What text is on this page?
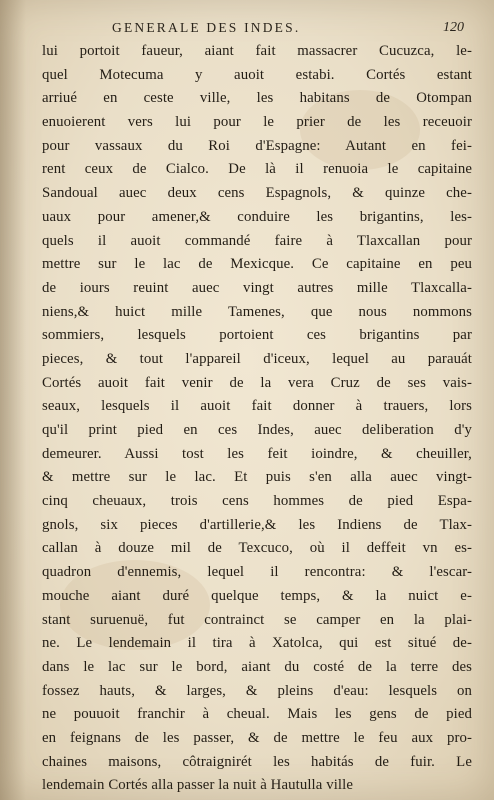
GENERALE DES INDES.	120
lui portoit faueur, aiant fait massacrer Cucuzca, le-
quel Motecuma y auoit estabi. Cortés estant
arriué en ceste ville, les habitans de Otompan
enuoierent vers lui pour le prier de les receuoir
pour vassaux du Roi d'Espagne: Autant en fei-
rent ceux de Cialco. De là il renuoia le capitaine
Sandoual auec deux cens Espagnols, & quinze che-
uaux pour amener,& conduire les brigantins, les-
quels il auoit commandé faire à Tlaxcallan pour
mettre sur le lac de Mexicque. Ce capitaine en peu
de iours reuint auec vingt autres mille Tlaxcalla-
niens,& huict mille Tamenes, que nous nommons
sommiers, lesquels portoient ces brigantins par
pieces, & tout l'appareil d'iceux, lequel au parauát
Cortés auoit fait venir de la vera Cruz de ses vais-
seaux, lesquels il auoit fait donner à trauers, lors
qu'il print pied en ces Indes, auec deliberation d'y
demeurer. Aussi tost les feit ioindre, & cheuiller,
& mettre sur le lac. Et puis s'en alla auec vingt-
cinq cheuaux, trois cens hommes de pied Espa-
gnols, six pieces d'artillerie,& les Indiens de Tlax-
callan à douze mil de Texcuco, où il deffeit vn es-
quadron d'ennemis, lequel il rencontra: & l'escar-
mouche aiant duré quelque temps, & la nuict e-
stant suruenuë, fut contrainct se camper en la plai-
ne. Le lendemain il tira à Xatolca, qui est situé de-
dans le lac sur le bord, aiant du costé de la terre des
fossez hauts, & larges, & pleins d'eau: lesquels on
ne pouuoit franchir à cheual. Mais les gens de pied
en feignans de les passer, & de mettre le feu aux pro-
chaines maisons, côtraignirét les habitás de fuir. Le
lendemain Cortés alla passer la nuit à Hautulla ville
